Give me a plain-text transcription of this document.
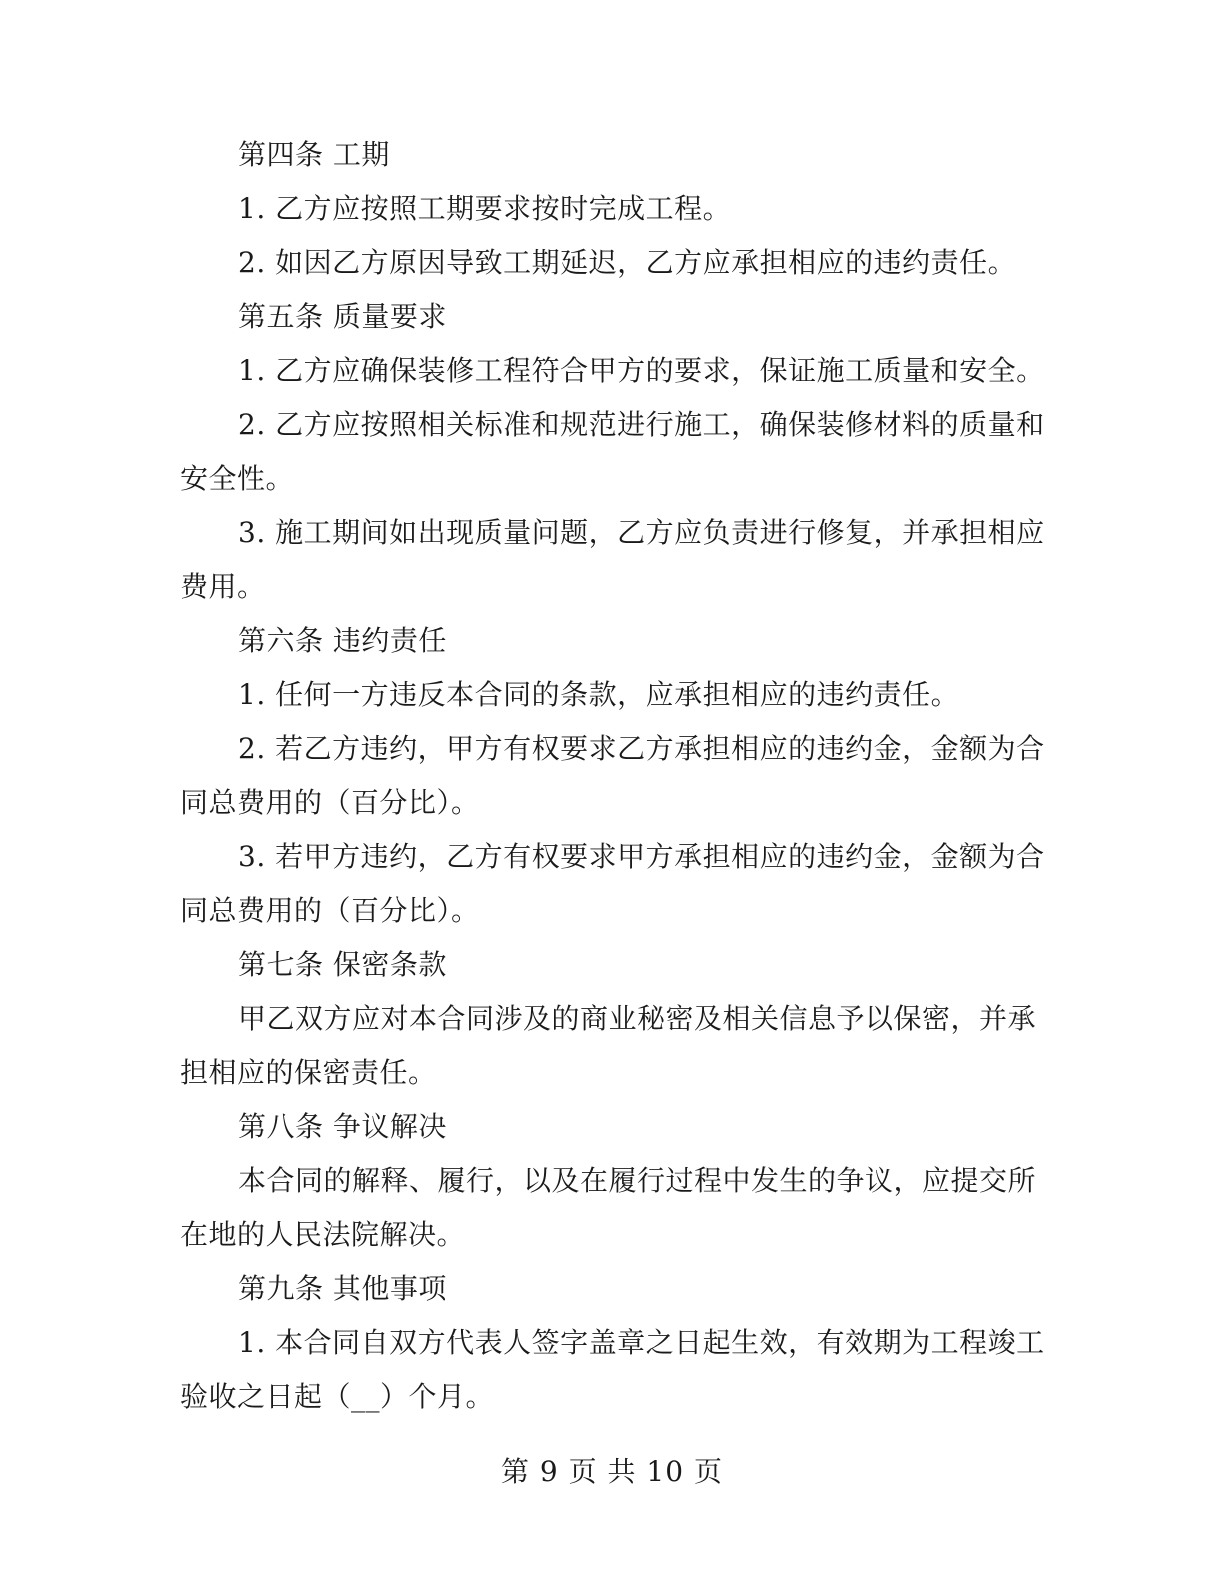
第四条 工期
1. 乙方应按照工期要求按时完成工程。
2. 如因乙方原因导致工期延迟，乙方应承担相应的违约责任。
第五条 质量要求
1. 乙方应确保装修工程符合甲方的要求，保证施工质量和安全。
2. 乙方应按照相关标准和规范进行施工，确保装修材料的质量和
安全性。
3. 施工期间如出现质量问题，乙方应负责进行修复，并承担相应
费用。
第六条 违约责任
1. 任何一方违反本合同的条款，应承担相应的违约责任。
2. 若乙方违约，甲方有权要求乙方承担相应的违约金，金额为合
同总费用的（百分比）。
3. 若甲方违约，乙方有权要求甲方承担相应的违约金，金额为合
同总费用的（百分比）。
第七条 保密条款
甲乙双方应对本合同涉及的商业秘密及相关信息予以保密，并承
担相应的保密责任。
第八条 争议解决
本合同的解释、履行，以及在履行过程中发生的争议，应提交所
在地的人民法院解决。
第九条 其他事项
1. 本合同自双方代表人签字盖章之日起生效，有效期为工程竣工
验收之日起（__）个月。
第 9 页 共 10 页
